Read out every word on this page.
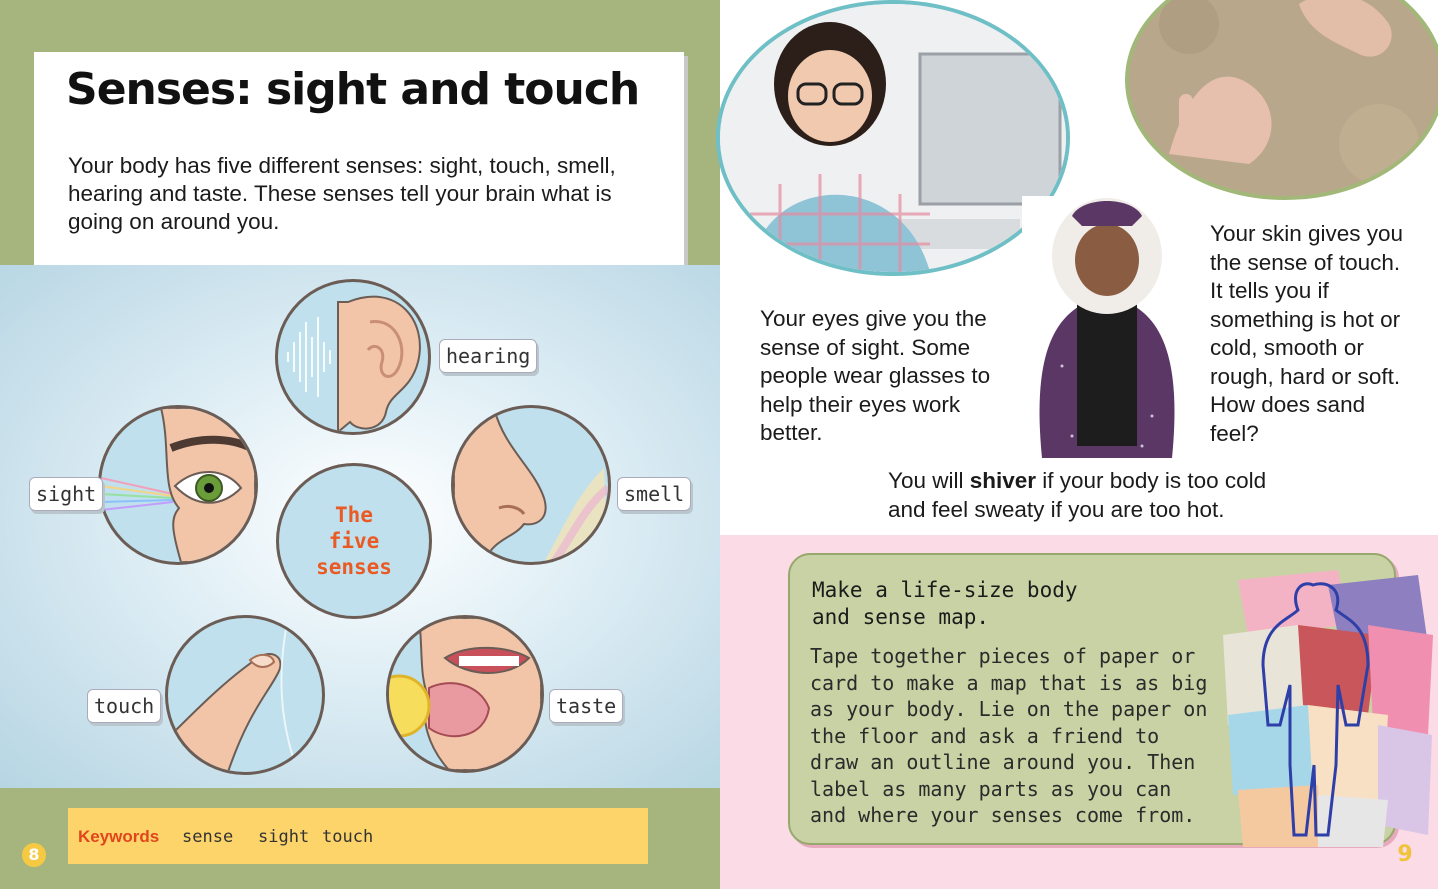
Senses: sight and touch

Your body has five different senses: sight, touch, smell, hearing and taste. These senses tell your brain what is going on around you.

hearing
sight	smell
The
five
senses
touch	taste
Keywords sense sight touch
8

Your eyes give you the sense of sight. Some people wear glasses to help their eyes work better.

Your skin gives you the sense of touch. It tells you if something is hot or cold, smooth or rough, hard or soft. How does sand feel?

You will shiver if your body is too cold and feel sweaty if you are too hot.

Make a life-size body and sense map.

Tape together pieces of paper or card to make a map that is as big as your body. Lie on the paper on the floor and ask a friend to draw an outline around you. Then label as many parts as you can and where your senses come from.

9
